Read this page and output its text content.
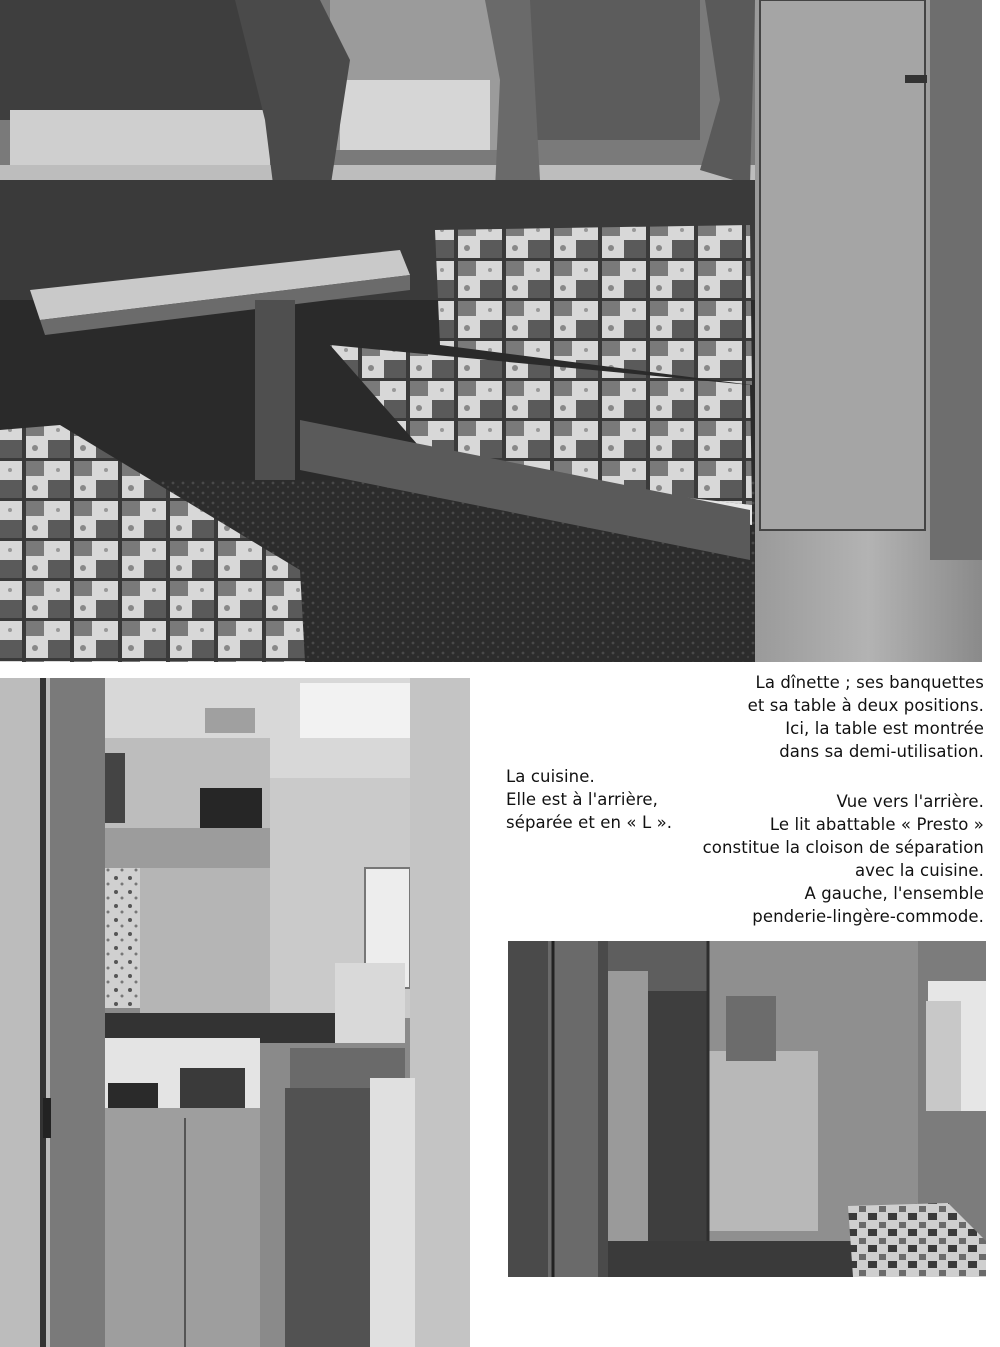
La dînette ; ses banquettes
et sa table à deux positions.
Ici, la table est montrée
dans sa demi-utilisation.
La cuisine.
Elle est à l'arrière,
séparée et en « L ».
Vue vers l'arrière.
Le lit abattable « Presto »
constitue la cloison de séparation
avec la cuisine.
A gauche, l'ensemble
penderie-lingère-commode.
